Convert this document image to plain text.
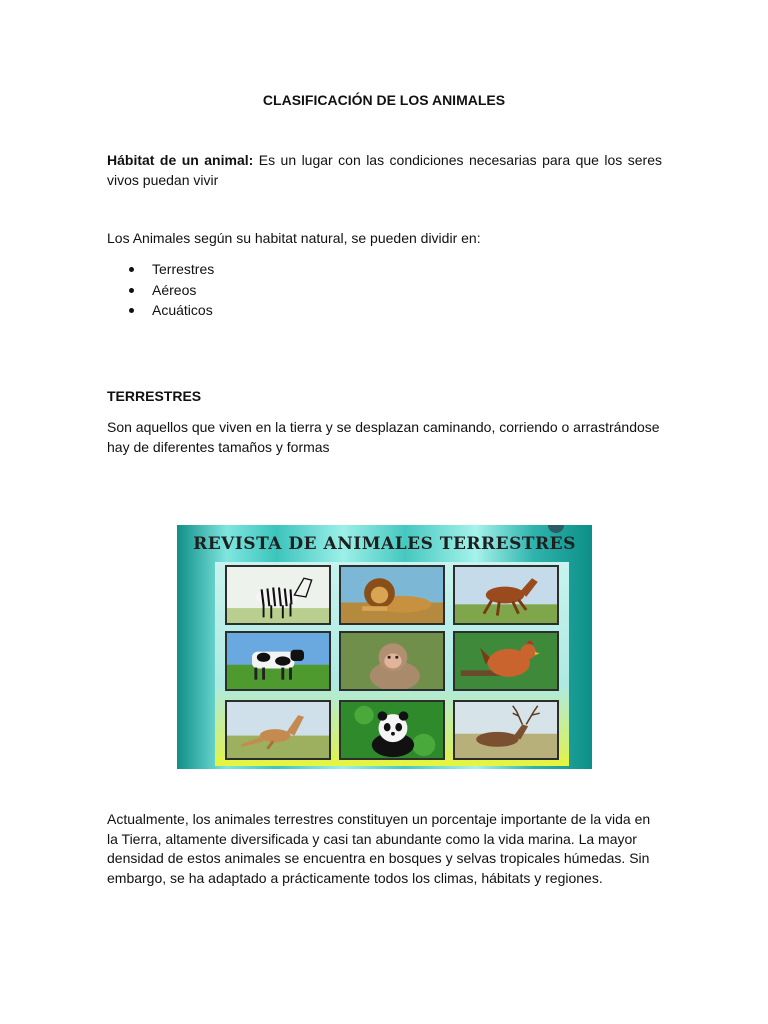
CLASIFICACIÓN DE LOS ANIMALES

Hábitat de un animal: Es un lugar con las condiciones necesarias para que los seres vivos puedan vivir

Los Animales según su habitat natural, se pueden dividir en:

Terrestres
Aéreos
Acuáticos
TERRESTRES

Son aquellos que viven en la tierra y se desplazan caminando, corriendo o arrastrándose hay de diferentes tamaños y formas

REVISTA DE ANIMALES TERRESTRES

Actualmente, los animales terrestres constituyen un porcentaje importante de la vida en la Tierra, altamente diversificada y casi tan abundante como la vida marina. La mayor densidad de estos animales se encuentra en bosques y selvas tropicales húmedas. Sin embargo, se ha adaptado a prácticamente todos los climas, hábitats y regiones.
